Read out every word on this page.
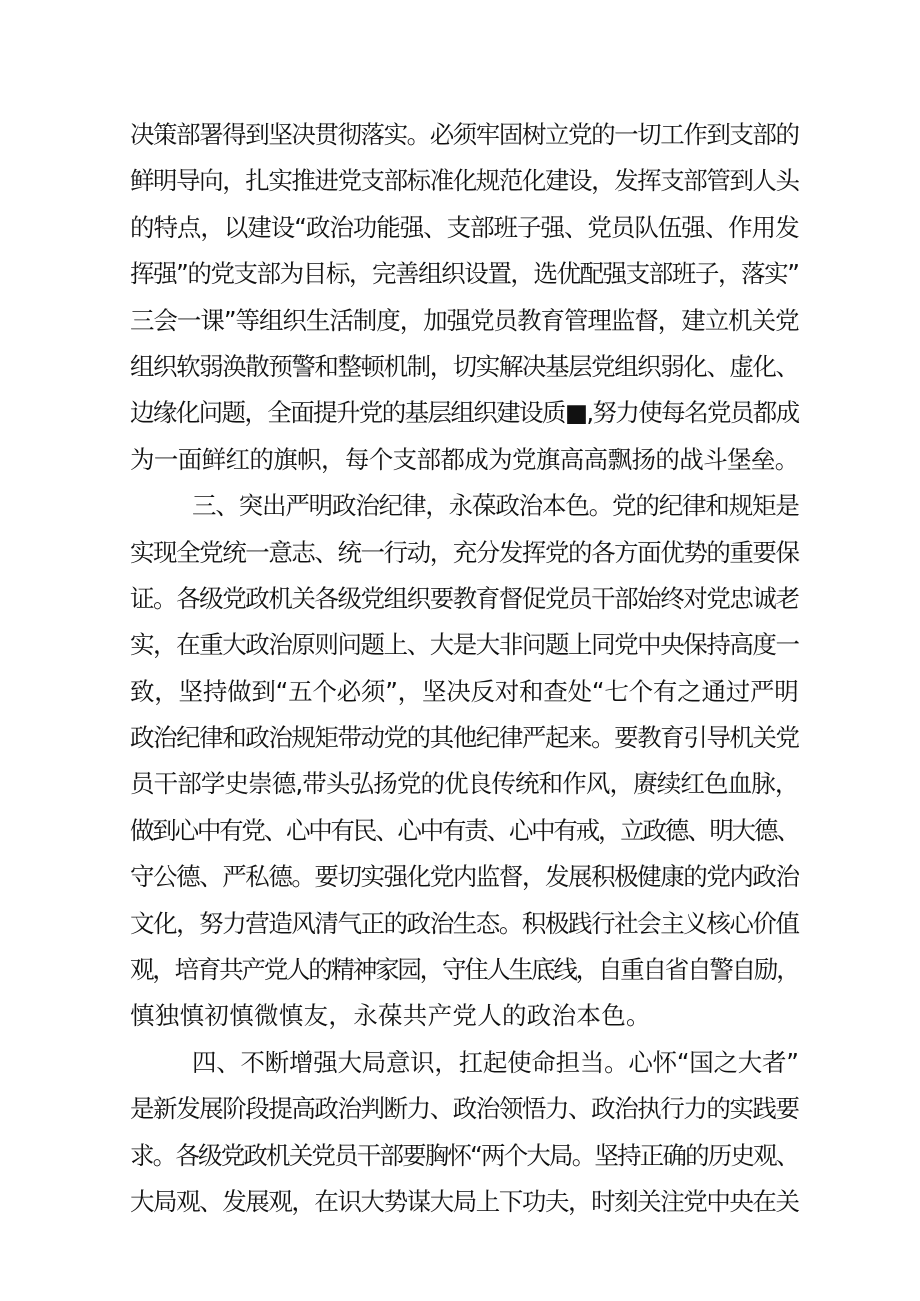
决策部署得到坚决贯彻落实。必须牢固树立党的一切工作到支部的
鲜明导向，扎实推进党支部标准化规范化建设，发挥支部管到人头
的特点，以建设“政治功能强、支部班子强、党员队伍强、作用发
挥强”的党支部为目标，完善组织设置，选优配强支部班子，落实”
三会一课”等组织生活制度，加强党员教育管理监督，建立机关党
组织软弱涣散预警和整顿机制，切实解决基层党组织弱化、虚化、
边缘化问题，全面提升党的基层组织建设质■,努力使每名党员都成
为一面鲜红的旗帜，每个支部都成为党旗高高飘扬的战斗堡垒。
三、突出严明政治纪律，永葆政治本色。党的纪律和规矩是
实现全党统一意志、统一行动，充分发挥党的各方面优势的重要保
证。各级党政机关各级党组织要教育督促党员干部始终对党忠诚老
实，在重大政治原则问题上、大是大非问题上同党中央保持高度一
致，坚持做到“五个必须”，坚决反对和查处“七个有之通过严明
政治纪律和政治规矩带动党的其他纪律严起来。要教育引导机关党
员干部学史崇德,带头弘扬党的优良传统和作风，赓续红色血脉，
做到心中有党、心中有民、心中有责、心中有戒，立政德、明大德、
守公德、严私德。要切实强化党内监督，发展积极健康的党内政治
文化，努力营造风清气正的政治生态。积极践行社会主义核心价值
观，培育共产党人的精神家园，守住人生底线，自重自省自警自励，
慎独慎初慎微慎友，永葆共产党人的政治本色。
四、不断增强大局意识，扛起使命担当。心怀“国之大者”
是新发展阶段提高政治判断力、政治领悟力、政治执行力的实践要
求。各级党政机关党员干部要胸怀“两个大局。坚持正确的历史观、
大局观、发展观，在识大势谋大局上下功夫，时刻关注党中央在关
